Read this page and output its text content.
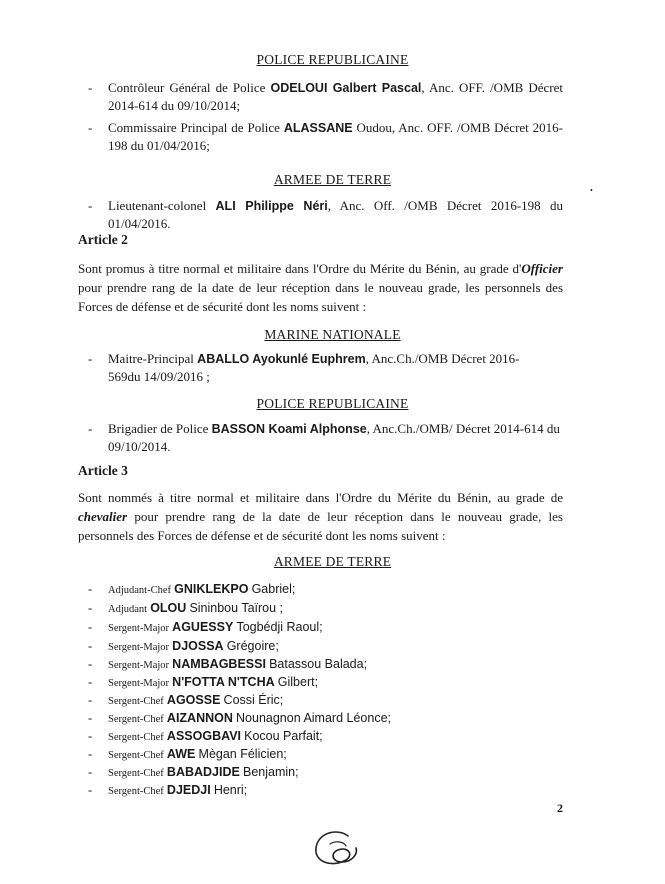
POLICE REPUBLICAINE
- Contrôleur Général de Police ODELOUI Galbert Pascal, Anc. OFF. /OMB Décret 2014-614 du 09/10/2014;
- Commissaire Principal de Police ALASSANE Oudou, Anc. OFF. /OMB Décret 2016-198 du 01/04/2016;
ARMEE DE TERRE
•
- Lieutenant-colonel ALI Philippe Néri, Anc. Off. /OMB Décret 2016-198 du 01/04/2016.
Article 2
Sont promus à titre normal et militaire dans l'Ordre du Mérite du Bénin, au grade d'Officier pour prendre rang de la date de leur réception dans le nouveau grade, les personnels des Forces de défense et de sécurité dont les noms suivent :
MARINE NATIONALE
- Maitre-Principal ABALLO Ayokunlé Euphrem, Anc.Ch./OMB Décret 2016-569du 14/09/2016 ;
POLICE REPUBLICAINE
- Brigadier de Police BASSON Koami Alphonse, Anc.Ch./OMB/ Décret 2014-614 du 09/10/2014.
Article 3
Sont nommés à titre normal et militaire dans l'Ordre du Mérite du Bénin, au grade de chevalier pour prendre rang de la date de leur réception dans le nouveau grade, les personnels des Forces de défense et de sécurité dont les noms suivent :
ARMEE DE TERRE
- Adjudant-Chef GNIKLEKPO Gabriel;
- Adjudant OLOU Sininbou Taïrou ;
- Sergent-Major AGUESSY Togbédji Raoul;
- Sergent-Major DJOSSA Grégoire;
- Sergent-Major NAMBAGBESSI Batassou Balada;
- Sergent-Major N'FOTTA N'TCHA Gilbert;
- Sergent-Chef AGOSSE Cossi Éric;
- Sergent-Chef AIZANNON Nounagnon Aimard Léonce;
- Sergent-Chef ASSOGBAVI Kocou Parfait;
- Sergent-Chef AWE Mègan Félicien;
- Sergent-Chef BABADJIDE Benjamin;
- Sergent-Chef DJEDJI Henri;
2
